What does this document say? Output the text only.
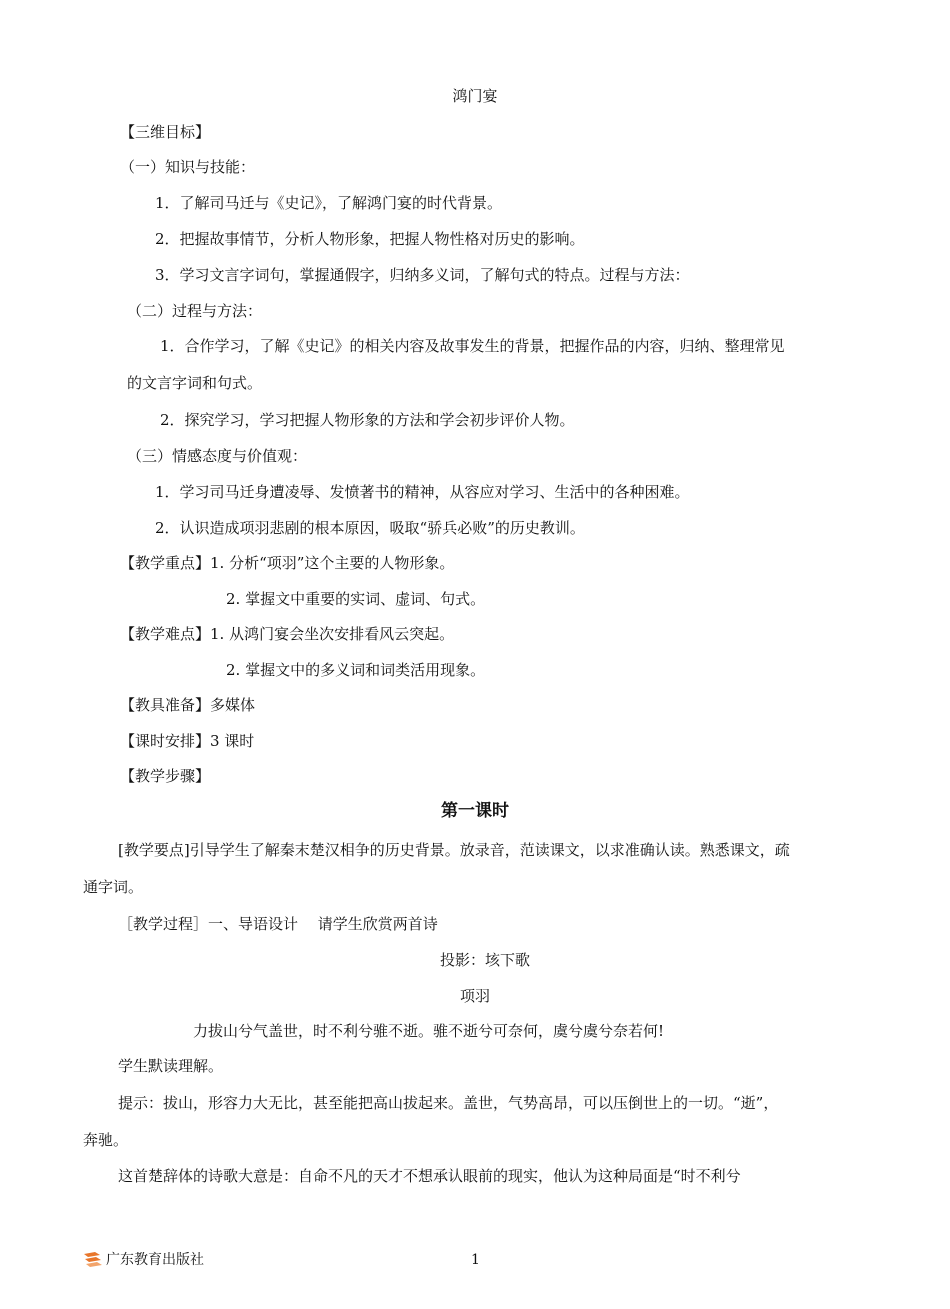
鸿门宴
【三维目标】
（一）知识与技能：
1．了解司马迁与《史记》，了解鸿门宴的时代背景。
2．把握故事情节，分析人物形象，把握人物性格对历史的影响。
3．学习文言字词句，掌握通假字，归纳多义词，了解句式的特点。过程与方法：
（二）过程与方法：
1．合作学习，了解《史记》的相关内容及故事发生的背景，把握作品的内容，归纳、整理常见
的文言字词和句式。
2．探究学习，学习把握人物形象的方法和学会初步评价人物。
（三）情感态度与价值观：
1．学习司马迁身遭凌辱、发愤著书的精神，从容应对学习、生活中的各种困难。
2．认识造成项羽悲剧的根本原因，吸取“骄兵必败”的历史教训。
【教学重点】1. 分析“项羽”这个主要的人物形象。
2. 掌握文中重要的实词、虚词、句式。
【教学难点】1. 从鸿门宴会坐次安排看风云突起。
2. 掌握文中的多义词和词类活用现象。
【教具准备】多媒体
【课时安排】3 课时
【教学步骤】
第一课时
[教学要点]引导学生了解秦末楚汉相争的历史背景。放录音，范读课文，以求准确认读。熟悉课文，疏
通字词。
［教学过程］一、导语设计　 请学生欣赏两首诗
投影：垓下歌
项羽
力拔山兮气盖世，时不利兮骓不逝。骓不逝兮可奈何，虞兮虞兮奈若何!
学生默读理解。
提示：拔山，形容力大无比，甚至能把高山拔起来。盖世，气势高昂，可以压倒世上的一切。“逝”，
奔驰。
这首楚辞体的诗歌大意是：自命不凡的天才不想承认眼前的现实，他认为这种局面是“时不利兮
广东教育出版社	1
